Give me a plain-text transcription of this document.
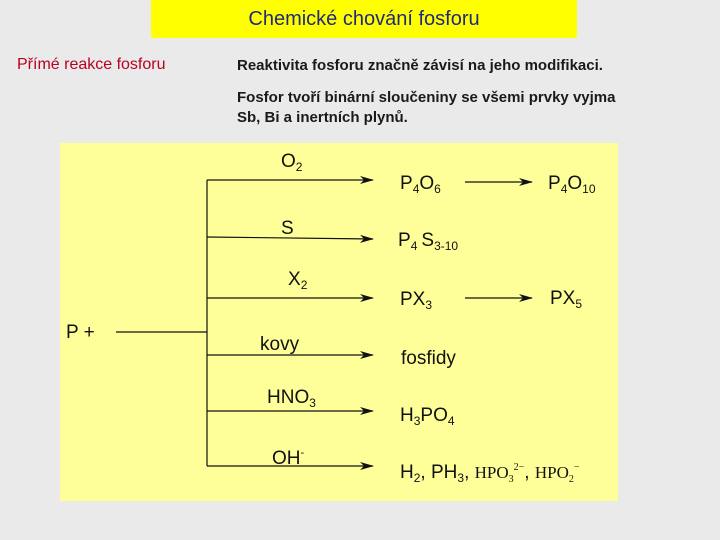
Chemické chování fosforu
Přímé reakce fosforu	Reaktivita fosforu značně závisí na jeho modifikaci.
Fosfor tvoří binární sloučeniny se všemi prvky vyjma
Sb, Bi a inertních plynů.
P +
$O_2$
S
$X_2$
kovy
$HNO_3$
OH-
$P_4O_6$	$P_4O_{10}$
$P_4$ $S_{3-10}$
$PX_3$	$PX_5$
fosfidy
$H_3PO_4$
$H_2$, $PH_3$, $HPO_3^{2-}$, $HPO_2^-$
